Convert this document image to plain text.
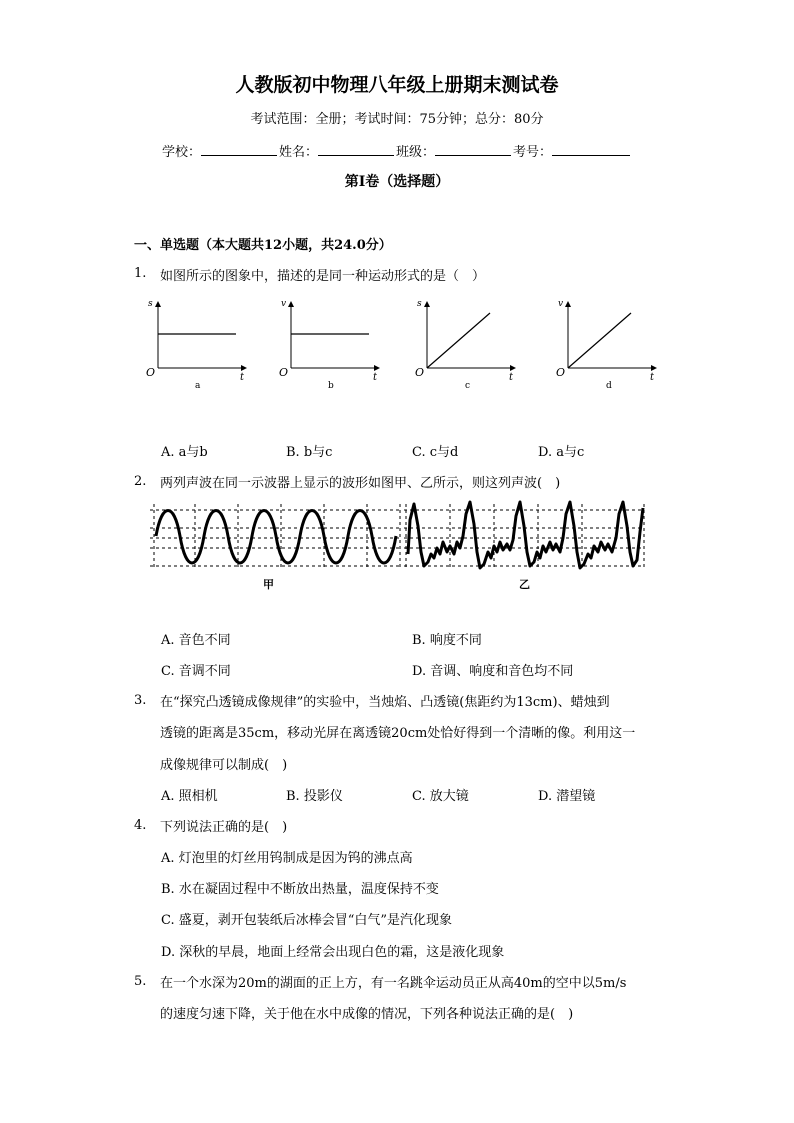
人教版初中物理八年级上册期末测试卷
考试范围：全册；考试时间：75分钟；总分：80分
学校：	姓名：	班级：	考号：
第I卷（选择题）
一、单选题（本大题共12小题，共24.0分）
1. 如图所示的图象中，描述的是同一种运动形式的是（　）
s
O	t
a
v
O	t
b
s
O	t
c
v
O	t
d
A. a与b	B. b与c	C. c与d	D. a与c
2. 两列声波在同一示波器上显示的波形如图甲、乙所示，则这列声波(　)
甲	乙
A. 音色不同	B. 响度不同
C. 音调不同	D. 音调、响度和音色均不同
3. 在“探究凸透镜成像规律”的实验中，当烛焰、凸透镜(焦距约为13cm)、蜡烛到
透镜的距离是35cm，移动光屏在离透镜20cm处恰好得到一个清晰的像。利用这一
成像规律可以制成(　)
A. 照相机	B. 投影仪	C. 放大镜	D. 潜望镜
4. 下列说法正确的是(　)
A. 灯泡里的灯丝用钨制成是因为钨的沸点高
B. 水在凝固过程中不断放出热量，温度保持不变
C. 盛夏，剥开包装纸后冰棒会冒“白气”是汽化现象
D. 深秋的早晨，地面上经常会出现白色的霜，这是液化现象
5. 在一个水深为20m的湖面的正上方，有一名跳伞运动员正从高40m的空中以5m/s
的速度匀速下降，关于他在水中成像的情况，下列各种说法正确的是(　)
